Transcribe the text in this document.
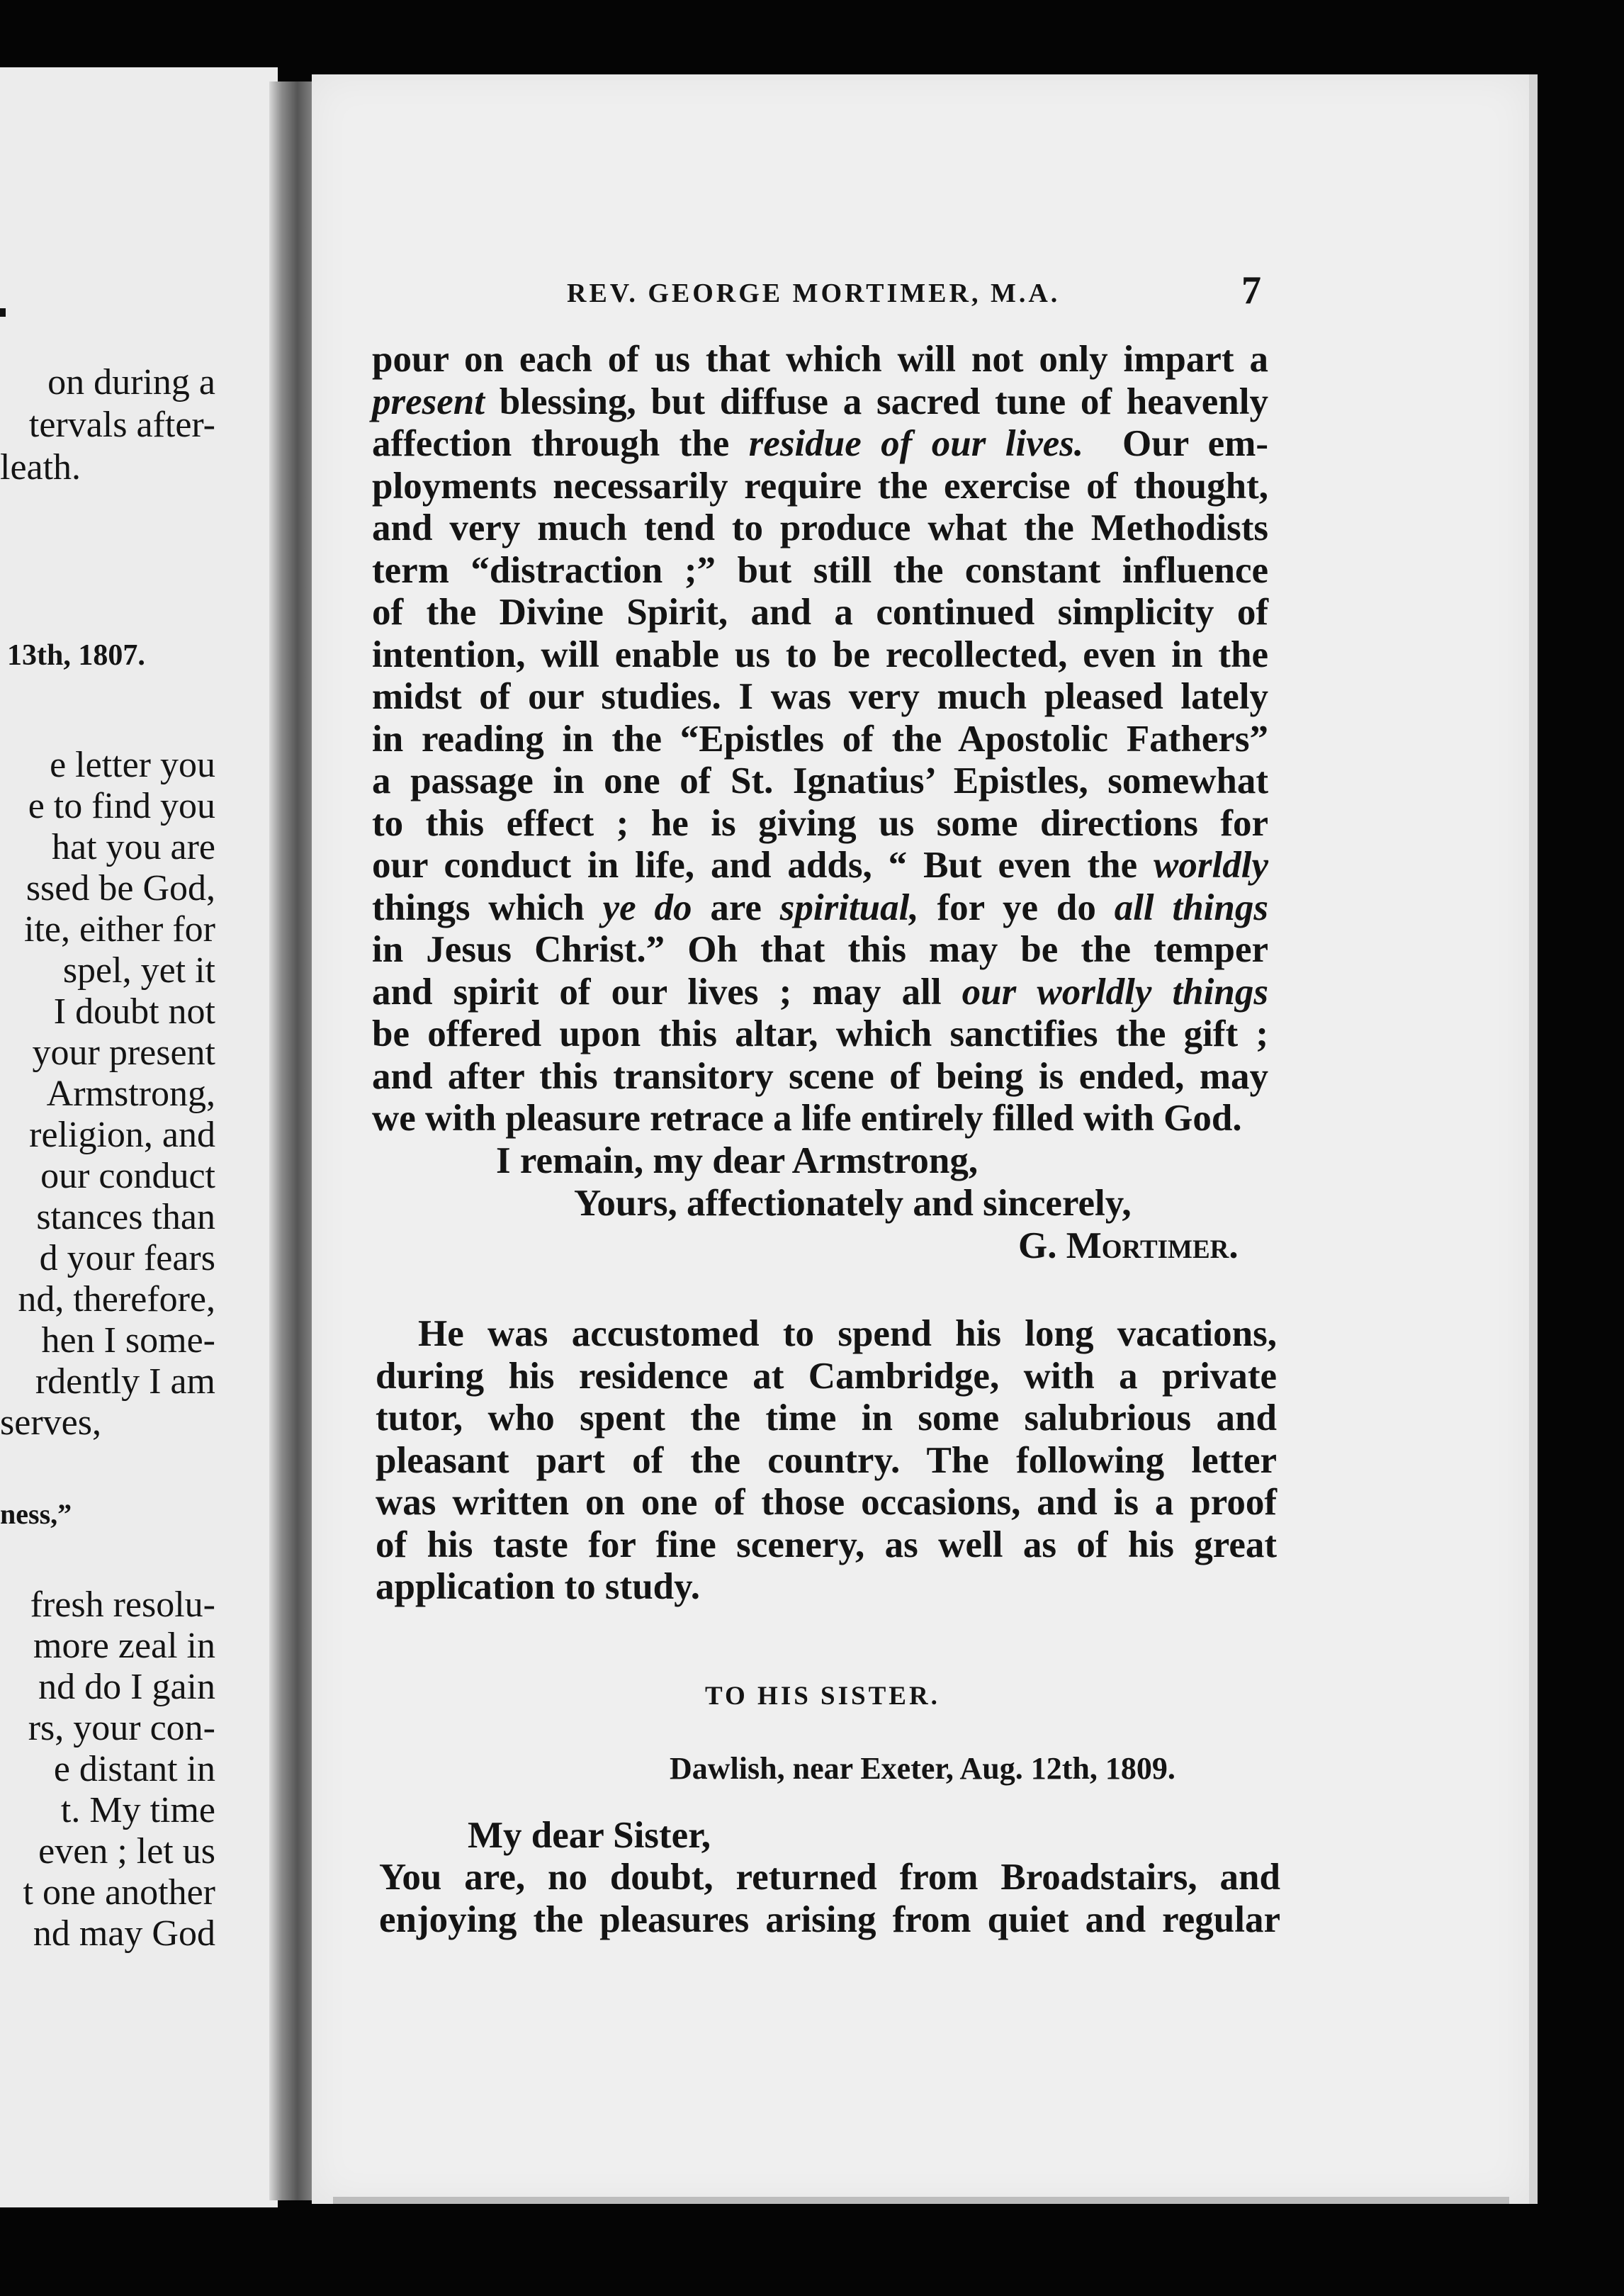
on during a
tervals after-
leath.
13th, 1807.
e letter you
e to find you
hat you are
ssed be God,
ite, either for
spel, yet it
I doubt not
your present
Armstrong,
religion, and
our conduct
stances than
d your fears
nd, therefore,
hen I some-
rdently I am
serves,
ness,”
fresh resolu-
more zeal in
nd do I gain
rs, your con-
e distant in
t. My time
even ; let us
t one another
nd may God
REV. GEORGE MORTIMER, M.A.	7

pour on each of us that which will not only impart a

present blessing, but diffuse a sacred tune of heavenly

affection through the residue of our lives.  Our em-

ployments necessarily require the exercise of thought,

and very much tend to produce what the Methodists

term “distraction ;” but still the constant influence

of the Divine Spirit, and a continued simplicity of

intention, will enable us to be recollected, even in the

midst of our studies. I was very much pleased lately

in reading in the “Epistles of the Apostolic Fathers”

a passage in one of St. Ignatius’ Epistles, somewhat

to this effect ; he is giving us some directions for

our conduct in life, and adds, “ But even the worldly

things which ye do are spiritual, for ye do all things

in Jesus Christ.” Oh that this may be the temper

and spirit of our lives ; may all our worldly things

be offered upon this altar, which sanctifies the gift ;

and after this transitory scene of being is ended, may

we with pleasure retrace a life entirely filled with God.

I remain, my dear Armstrong,
Yours, affectionately and sincerely,
G. Mortimer.

He was accustomed to spend his long vacations,

during his residence at Cambridge, with a private

tutor, who spent the time in some salubrious and

pleasant part of the country. The following letter

was written on one of those occasions, and is a proof

of his taste for fine scenery, as well as of his great

application to study.

TO HIS SISTER.
Dawlish, near Exeter, Aug. 12th, 1809.
My dear Sister,

You are, no doubt, returned from Broadstairs, and

enjoying the pleasures arising from quiet and regular
